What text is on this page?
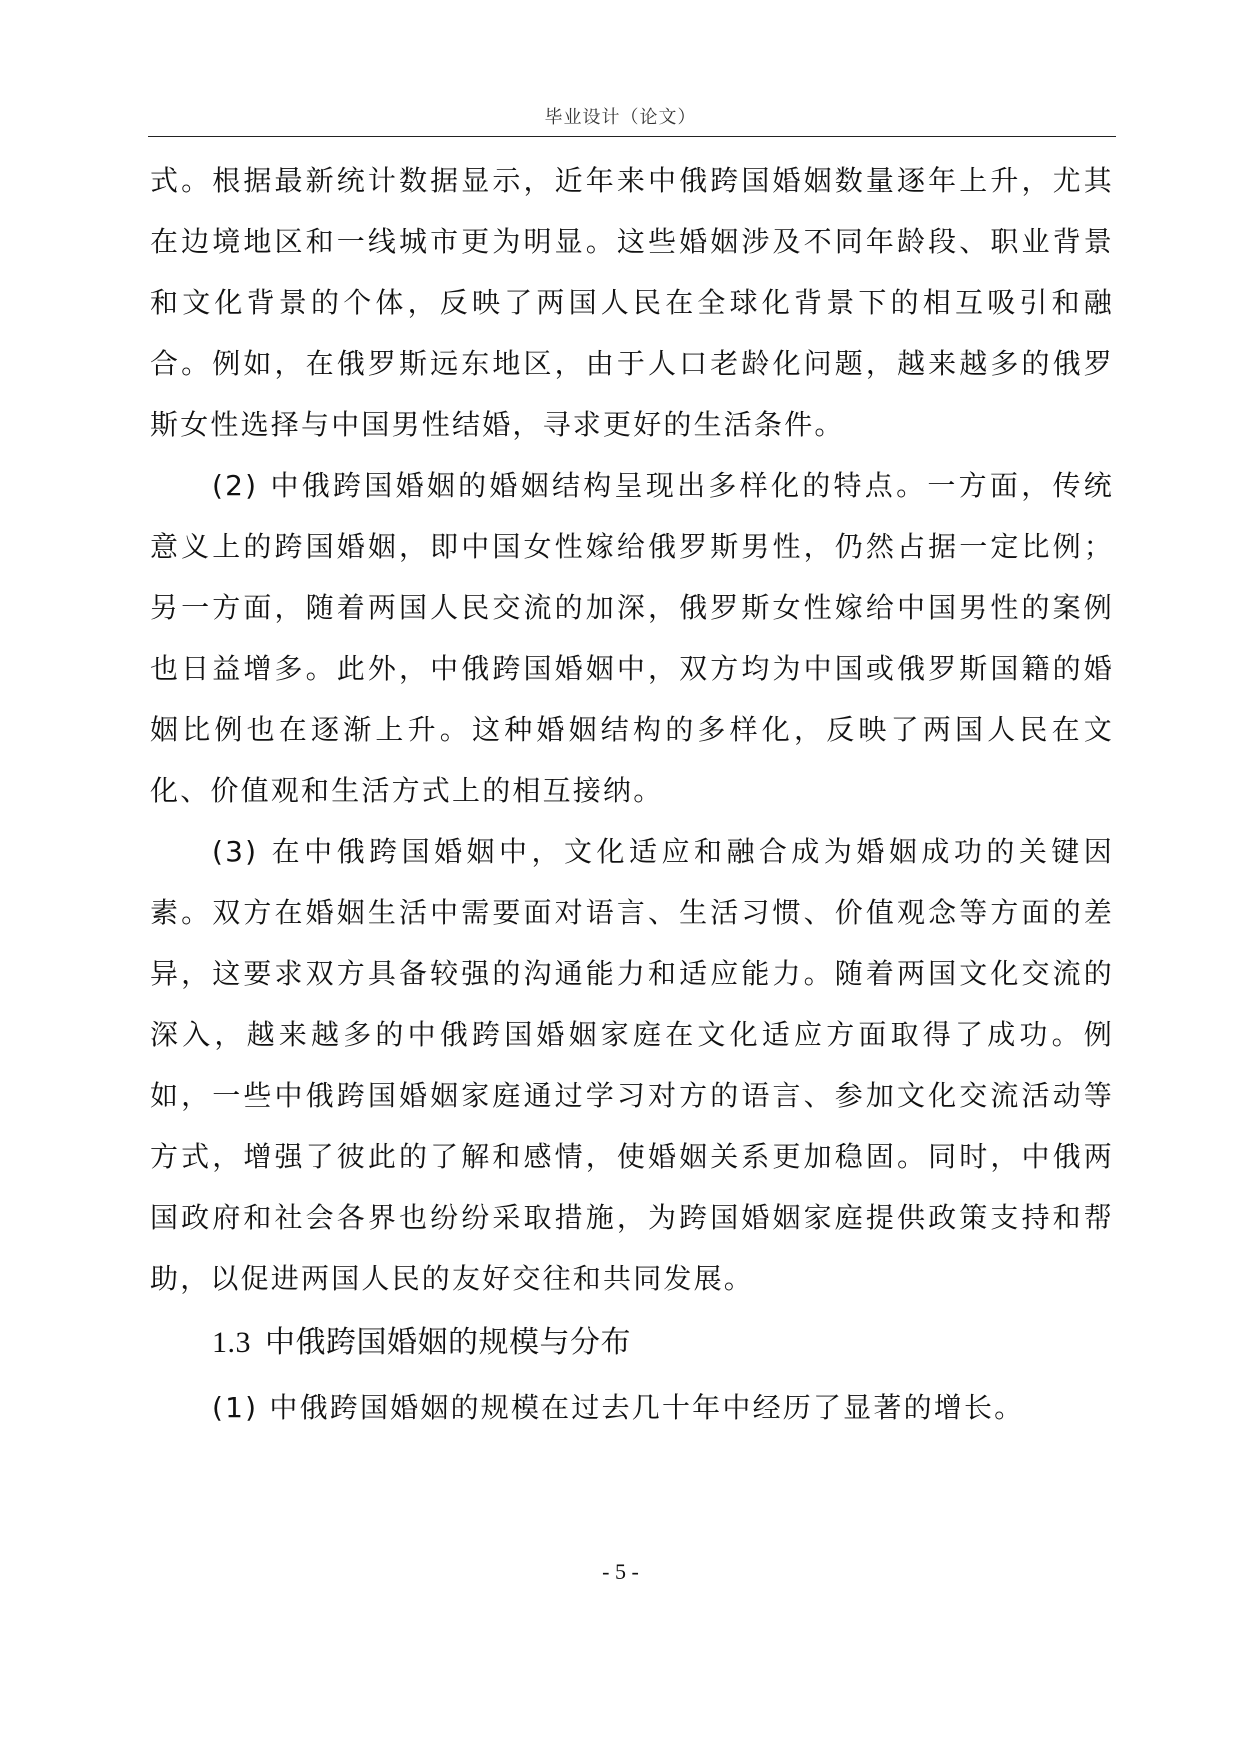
毕业设计（论文）

式。根据最新统计数据显示，近年来中俄跨国婚姻数量逐年上升，尤其在边境地区和一线城市更为明显。这些婚姻涉及不同年龄段、职业背景和文化背景的个体，反映了两国人民在全球化背景下的相互吸引和融合。例如，在俄罗斯远东地区，由于人口老龄化问题，越来越多的俄罗斯女性选择与中国男性结婚，寻求更好的生活条件。

(2) 中俄跨国婚姻的婚姻结构呈现出多样化的特点。一方面，传统意义上的跨国婚姻，即中国女性嫁给俄罗斯男性，仍然占据一定比例；另一方面，随着两国人民交流的加深，俄罗斯女性嫁给中国男性的案例也日益增多。此外，中俄跨国婚姻中，双方均为中国或俄罗斯国籍的婚姻比例也在逐渐上升。这种婚姻结构的多样化，反映了两国人民在文化、价值观和生活方式上的相互接纳。

(3) 在中俄跨国婚姻中，文化适应和融合成为婚姻成功的关键因素。双方在婚姻生活中需要面对语言、生活习惯、价值观念等方面的差异，这要求双方具备较强的沟通能力和适应能力。随着两国文化交流的深入，越来越多的中俄跨国婚姻家庭在文化适应方面取得了成功。例如，一些中俄跨国婚姻家庭通过学习对方的语言、参加文化交流活动等方式，增强了彼此的了解和感情，使婚姻关系更加稳固。同时，中俄两国政府和社会各界也纷纷采取措施，为跨国婚姻家庭提供政策支持和帮助，以促进两国人民的友好交往和共同发展。

1.3 中俄跨国婚姻的规模与分布

(1) 中俄跨国婚姻的规模在过去几十年中经历了显著的增长。

- 5 -
